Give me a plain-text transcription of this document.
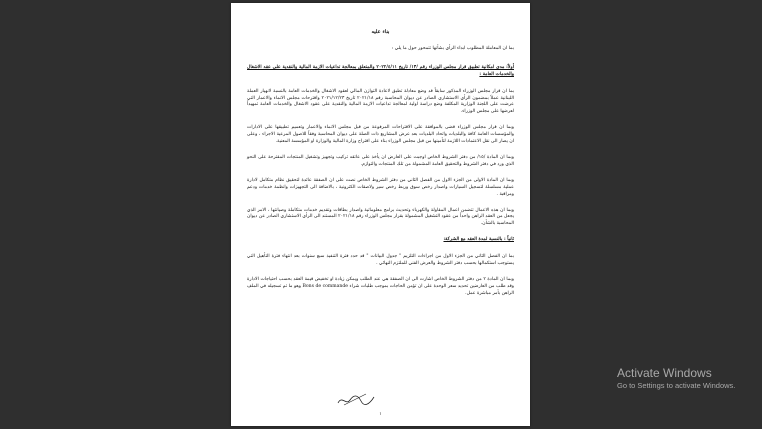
بناء عليه

بما ان المعاملة المطلوب ابداء الرأي بشأنها تتمحور حول ما يلي :

أولاً: مدى امكانية تطبيق قرار مجلس الوزراء رقم /١٣/ تاريخ ٢٠٢٢/٤/١١ والمتعلق بمعالجة تداعيات الازمة المالية والنقدية على عقد الاشغال والخدمات العامة :

بما ان قرار مجلس الوزراء المذكور سابقاً قد وضع معادلة تطبق لاعادة التوازن المالي لعقود الاشغال والخدمات العامة بالنسبة لانهيار العملة اللبنانية عملاً بمضمون الرأي الاستشاري الصادر عن ديوان المحاسبة رقم ٢٠٢١/١٨ تاريخ ٢٠٢١/١٢/٢٣ واقترحات مجلس الانماء والاعمار التي عرضت على اللجنة الوزارية المكلفة وضع دراسة اولية لمعالجة تداعيات الازمة المالية والنقدية على عقود الاشغال والخدمات العامة تمهيداً لعرضها على مجلس الوزراء.

وبما ان قرار مجلس الوزراء قضى بالموافقة على الاقتراحات المرفوعة من قبل مجلس الانماء والاعمار وتعميم تطبيقها على الادارات والمؤسسات العامة كافة والبلديات واتحاد البلديات بعد عرض المشاريع ذات الصلة على ديوان المحاسبة وفقاً للاصول المرعية الاجراء ، وعلى ان يصار الى نقل الاعتمادات اللازمة لتأمينها من قبل مجلس الوزراء بناء على اقتراح وزارة المالية والوزارة او المؤسسة المعنية.

وبما ان المادة /١٥/ من دفتر الشروط الخاص اوجبت على العارض ان يأخذ على عاتقه تركيب وتجهيز وتشغيل المنتجات المقترحة على النحو الذي ورد في دفتر الشروط والتحقيق العامة المشمولة من تلك المنتجات والتوازم.

وبما ان المادة الاولى من الجزء الاول من الفصل الثاني من دفتر الشروط الخاص نصت على ان الصفقة عائدة لتحقيق نظام متكامل لادارة عملية مسلسلة لتسجيل السيارات واصدار رخص سوق وربط رخص سير ولاصقات الكترونية ، بالاضافة الى التجهيزات وانظمة خدمات ودعم ومراقبة .

وبما ان هذه الاعمال تتضمن اعمال المقاولة والكهرباء وتحديث برامج معلوماتية واصدار بطاقات وتقديم خدمات متكاملة وصيانتها ، الامر الذي يجعل من العقد الراهن واحداً من عقود التشغيل المشمولة بقرار مجلس الوزراء رقم ٢٠٢١/١٨ المستند الى الرأي الاستشاري الصادر عن ديوان المحاسبة بالشأن.

ثانياً : بالنسبة لمدة العقد مع الشركة:

بما ان الفصل الثاني من الجزء الاول من اجراءات التلزيم " جدول البيانات " قد حدد فترة التنفيذ سبع سنوات بعد انتهاء فترة التأهيل التي يستوجب استكمالها بحسب دفتر الشروط والعرض الفني للملتزم النهائي .

وبما ان المادة ٢ من دفتر الشروط الخاص اشارت الى ان الصفقة هي عند الطلب ويمكن زيادة او تخفيض قيمة العقد بحسب احتياجات الادارة وقد طلب من العارضين تحديد سعر الوحدة على ان تؤمن الحاجات بموجب طلبات شراء Bons de commande وهو ما تم تسجيله في الملف الراهن بأمر مباشرة عمل.

١
Activate Windows
Go to Settings to activate Windows.
